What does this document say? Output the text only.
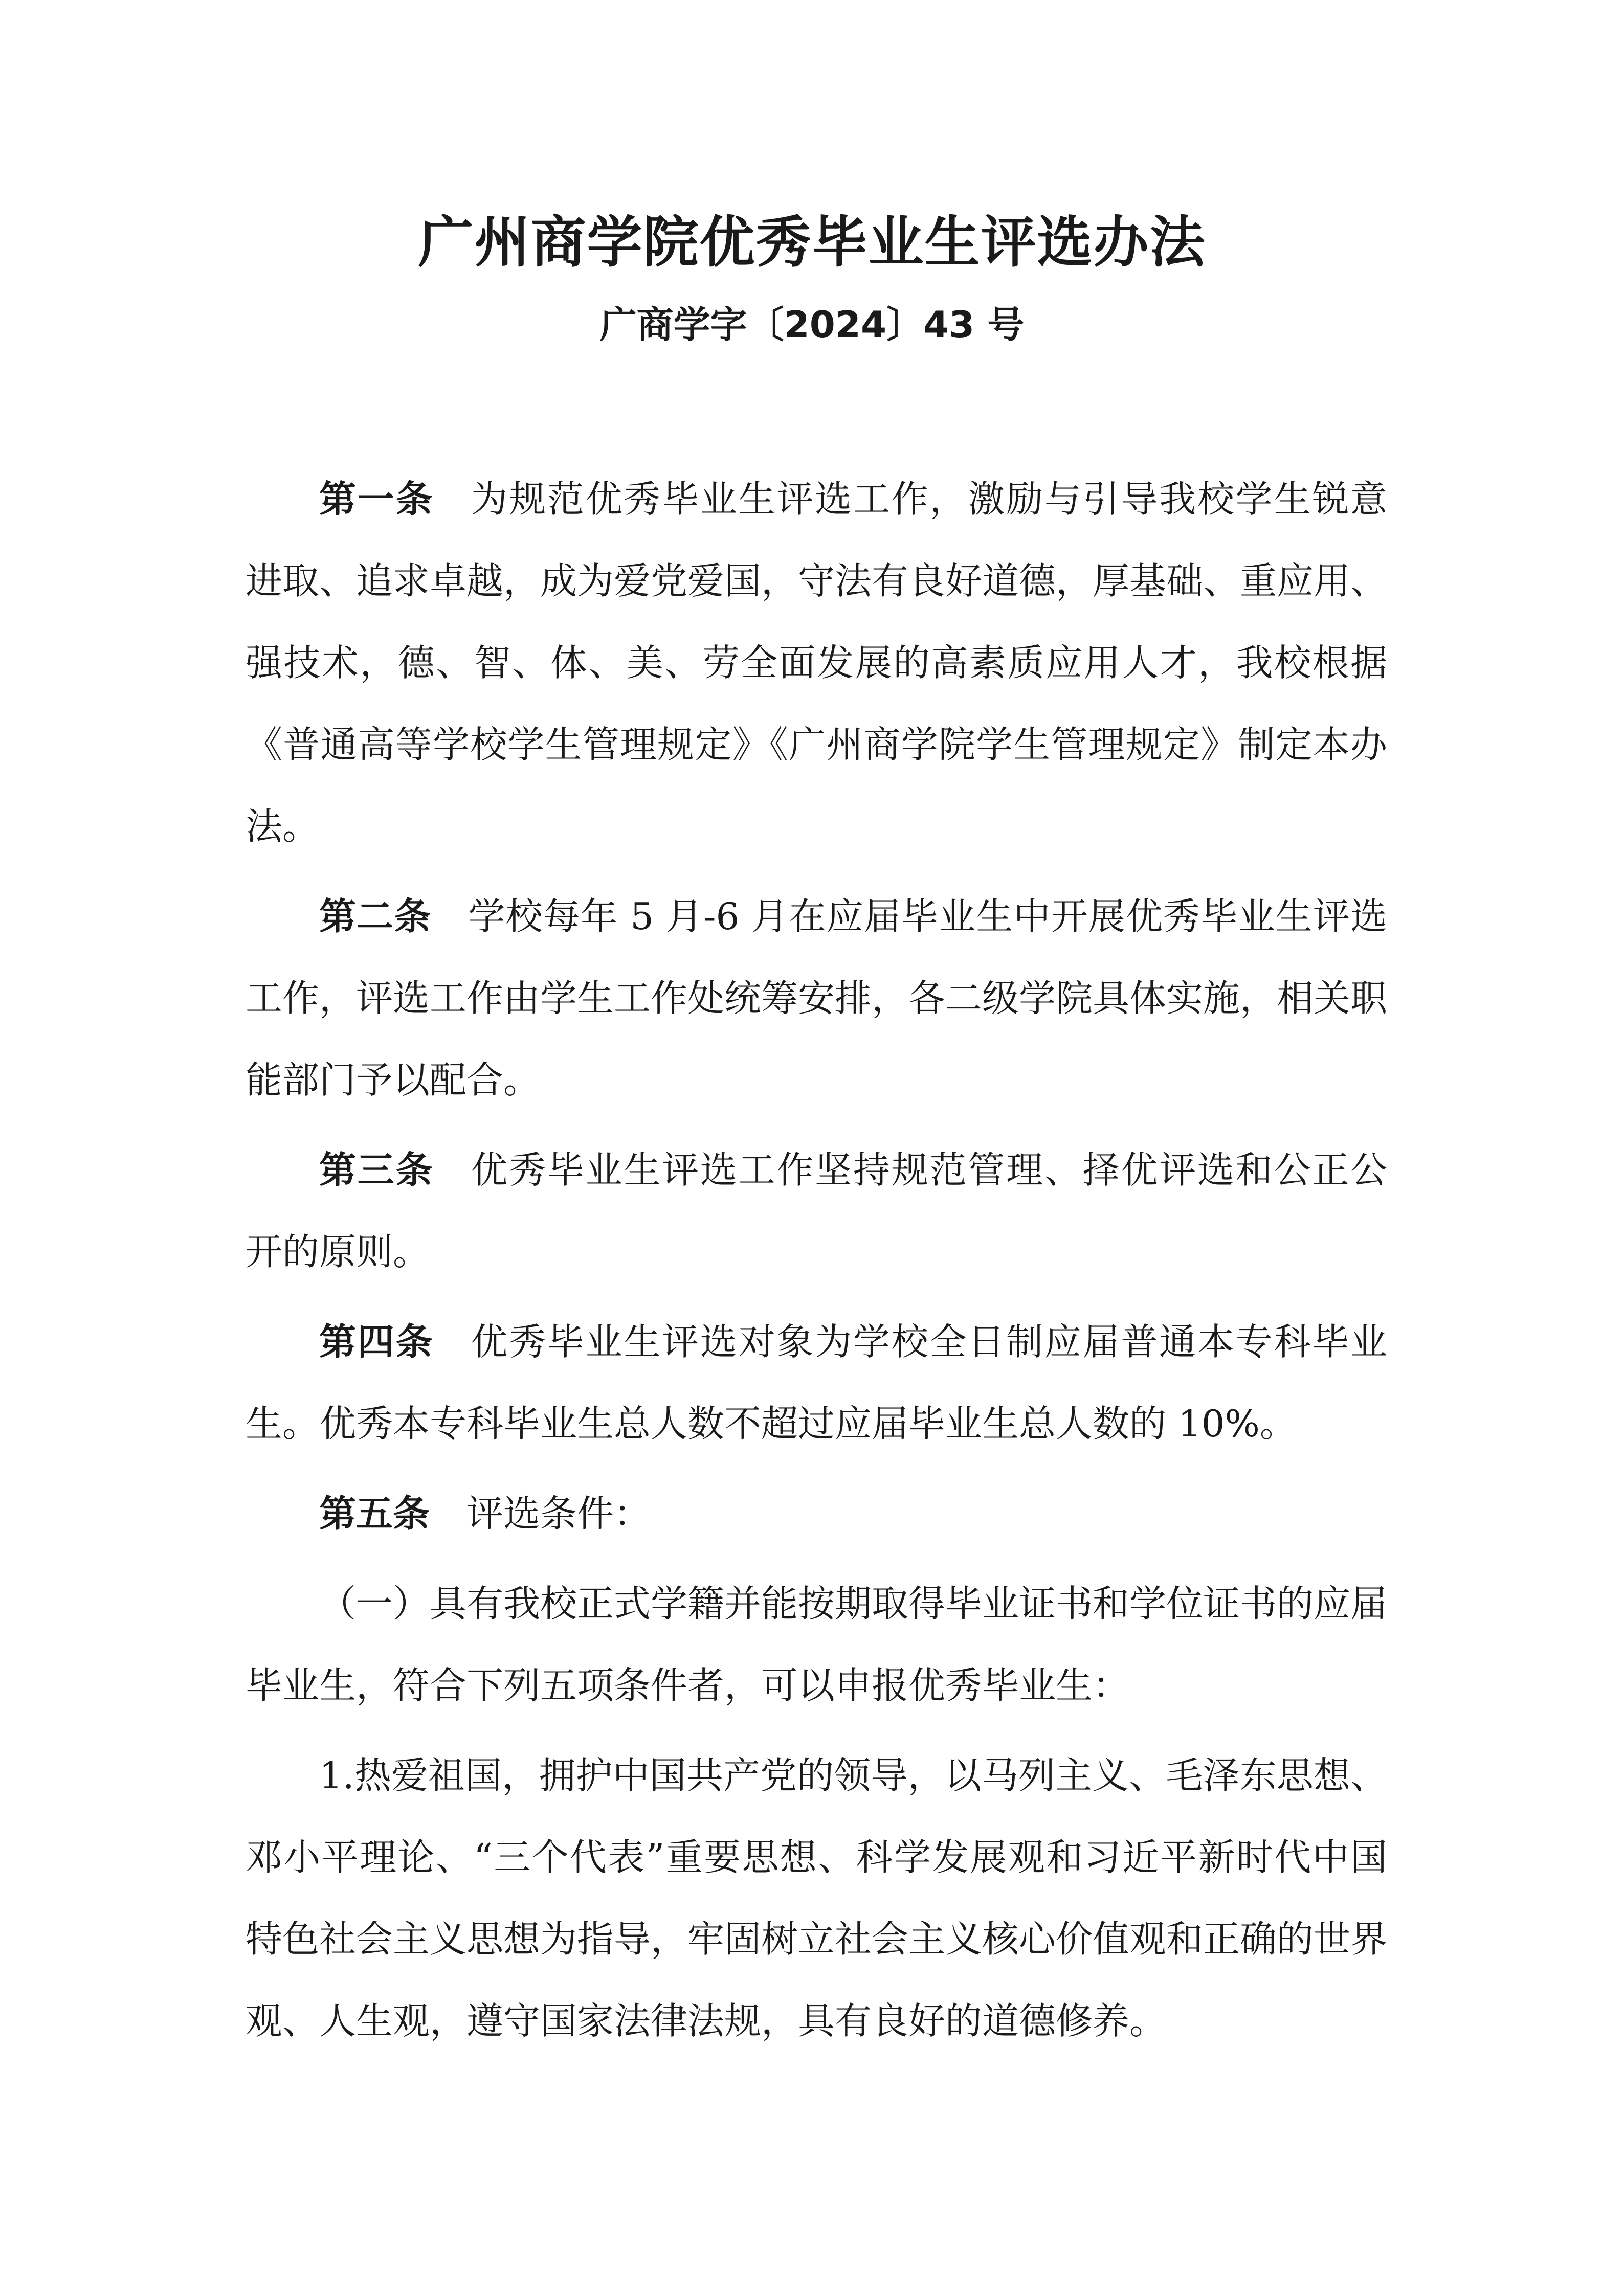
广州商学院优秀毕业生评选办法
广商学字〔2024〕43 号

第一条 为规范优秀毕业生评选工作，激励与引导我校学生锐意进取、追求卓越，成为爱党爱国，守法有良好道德，厚基础、重应用、强技术，德、智、体、美、劳全面发展的高素质应用人才，我校根据《普通高等学校学生管理规定》《广州商学院学生管理规定》制定本办法。

第二条 学校每年 5 月-6 月在应届毕业生中开展优秀毕业生评选工作，评选工作由学生工作处统筹安排，各二级学院具体实施，相关职能部门予以配合。

第三条 优秀毕业生评选工作坚持规范管理、择优评选和公正公开的原则。

第四条 优秀毕业生评选对象为学校全日制应届普通本专科毕业生。优秀本专科毕业生总人数不超过应届毕业生总人数的 10%。

第五条 评选条件：

（一）具有我校正式学籍并能按期取得毕业证书和学位证书的应届毕业生，符合下列五项条件者，可以申报优秀毕业生：

1.热爱祖国，拥护中国共产党的领导，以马列主义、毛泽东思想、邓小平理论、“三个代表”重要思想、科学发展观和习近平新时代中国特色社会主义思想为指导，牢固树立社会主义核心价值观和正确的世界观、人生观，遵守国家法律法规，具有良好的道德修养。
